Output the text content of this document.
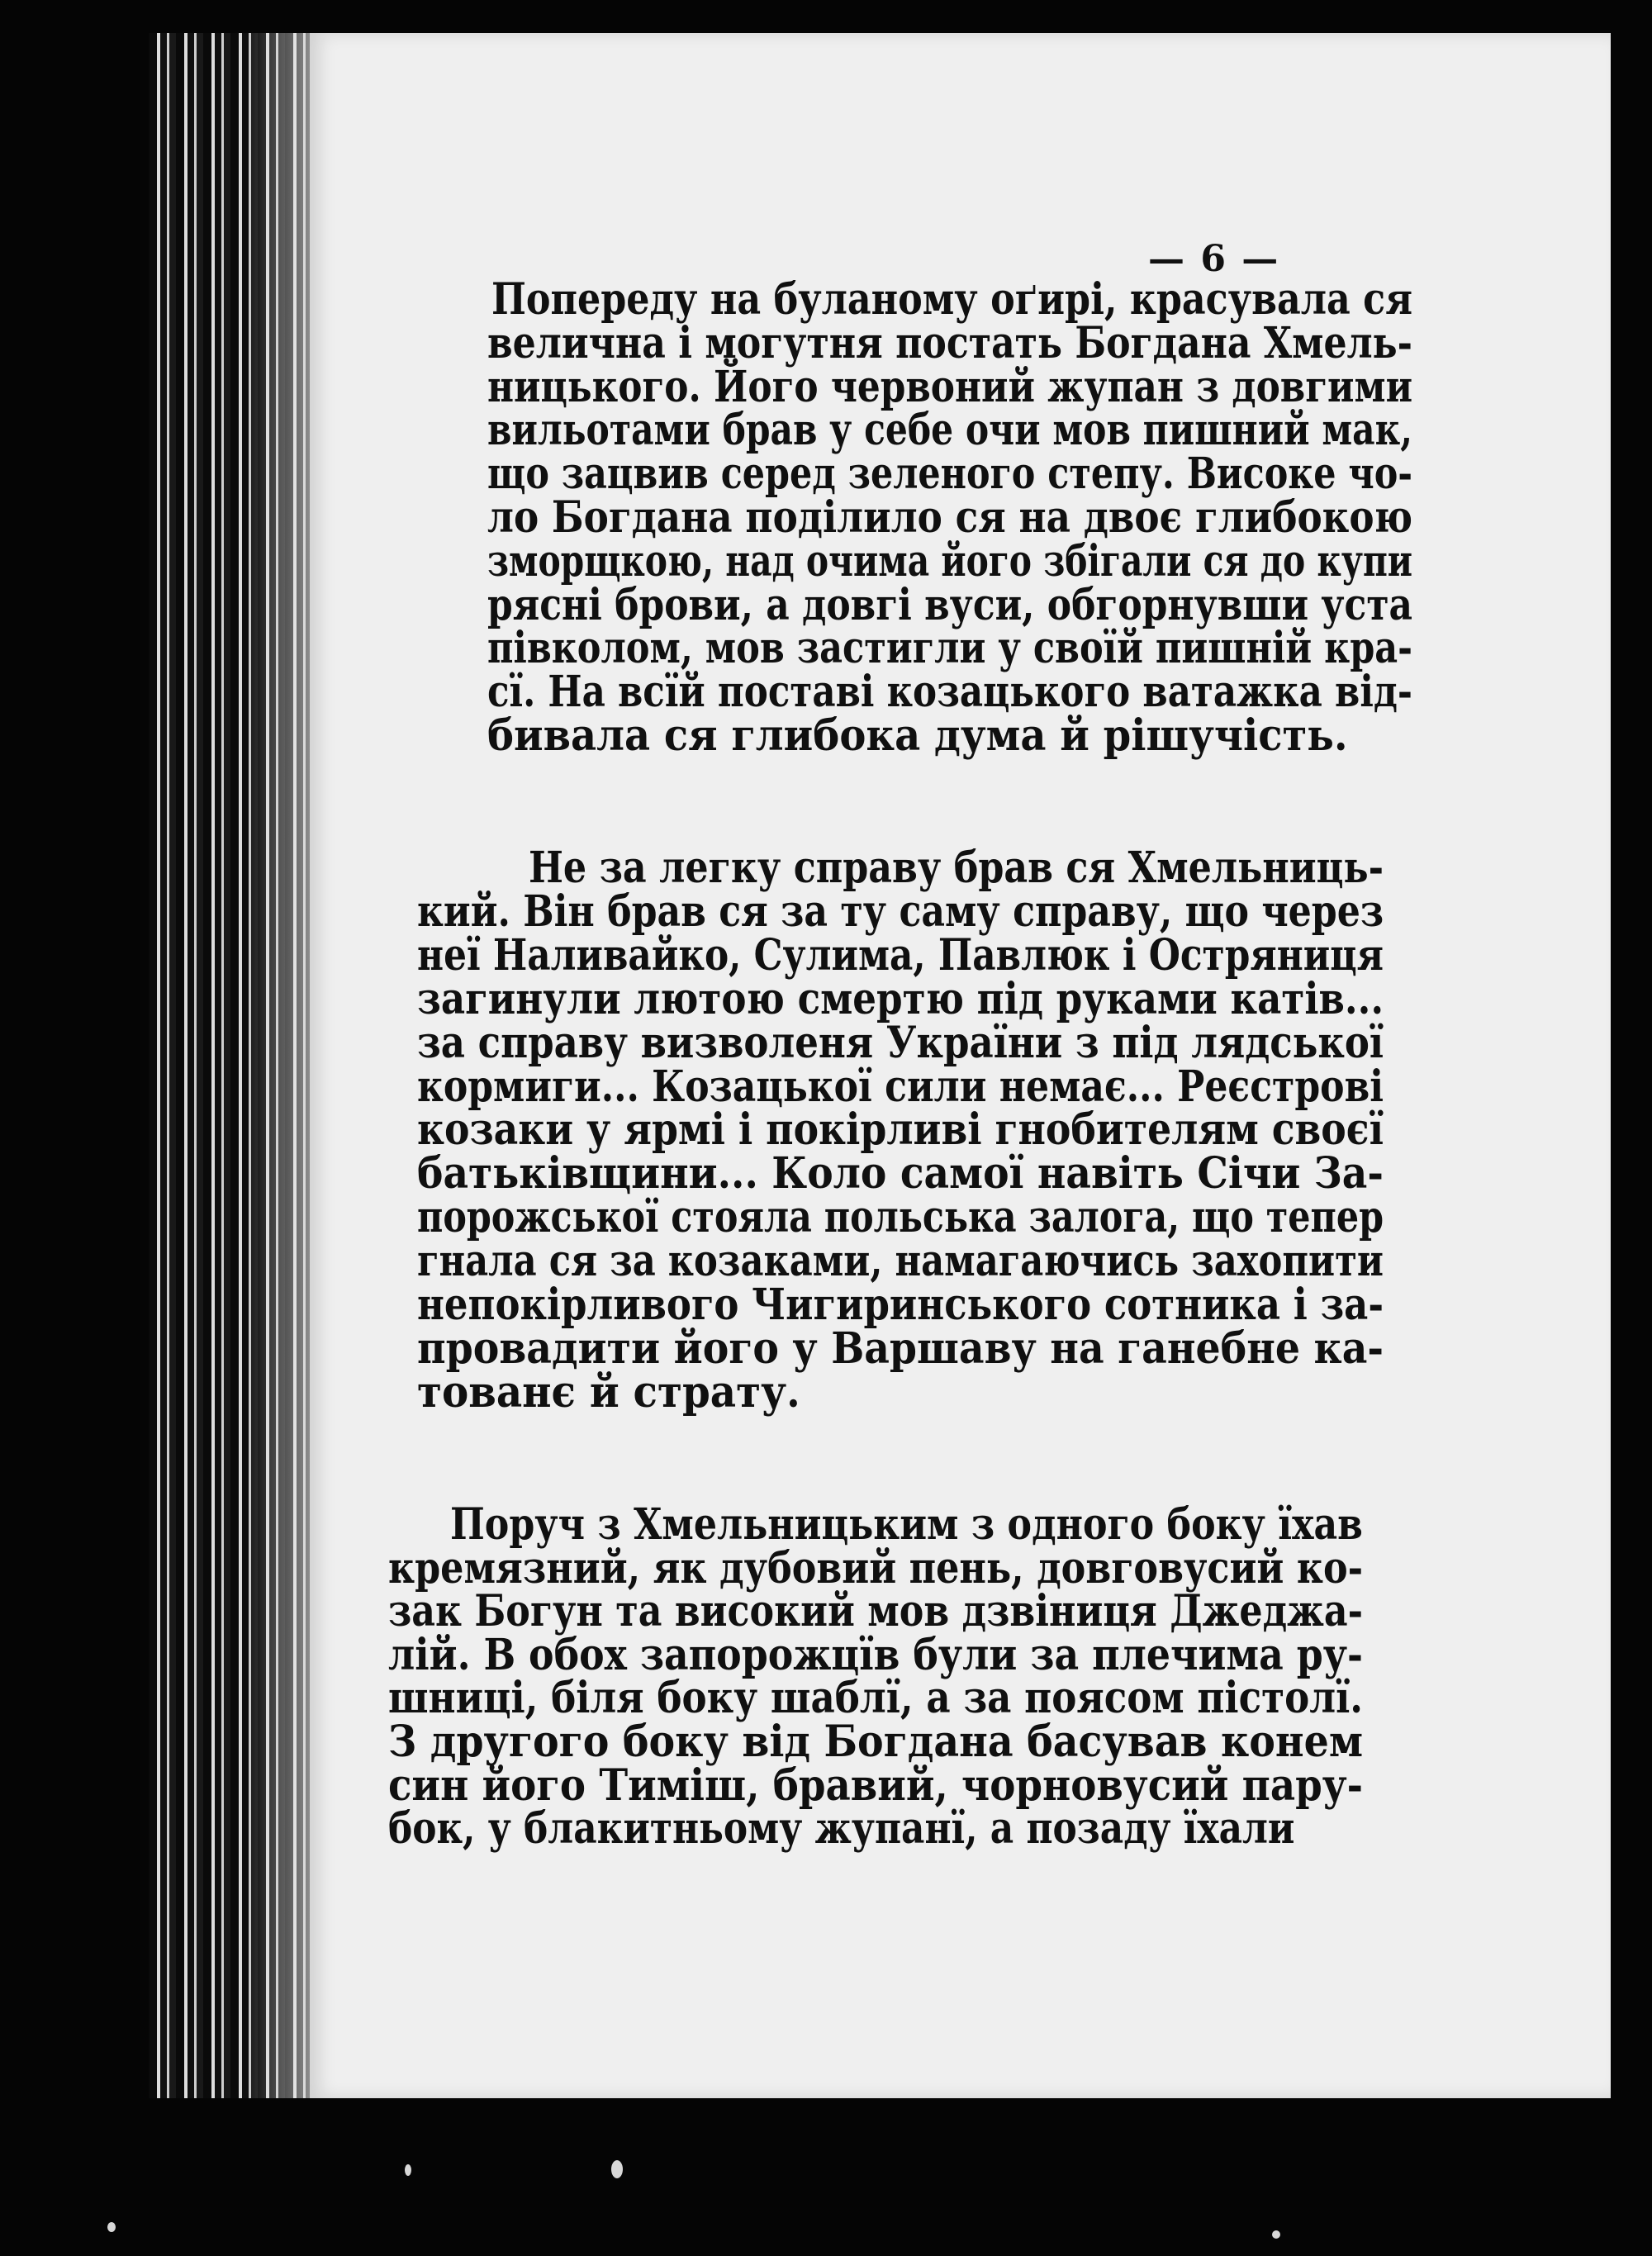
— 6 —
Попереду на буланому оґирі, красувала ся
велична і могутня постать Богдана Хмель-
ницького. Його червоний жупан з довгими
вильотами брав у себе очи мов пишний мак,
що зацвив серед зеленого степу. Високе чо-
ло Богдана поділило ся на двоє глибокою
зморщкою, над очима його збігали ся до купи
рясні брови, а довгі вуси, обгорнувши уста
півколом, мов застигли у своїй пишній кра-
сї. На всїй поставі козацького ватажка від-
бивала ся глибока дума й рішучість.
Не за легку справу брав ся Хмельниць-
кий. Він брав ся за ту саму справу, що через
неї Наливайко, Сулима, Павлюк і Остряниця
загинули лютою смертю під руками катів...
за справу визволеня України з під лядської
кормиги... Козацької сили немає... Реєстрові
козаки у ярмі і покірливі гнобителям своєї
батьківщини... Коло самої навіть Січи За-
порожської стояла польська залога, що тепер
гнала ся за козаками, намагаючись захопити
непокірливого Чигиринського сотника і за-
провадити його у Варшаву на ганебне ка-
тованє й страту.
Поруч з Хмельницьким з одного боку їхав
кремязний, як дубовий пень, довговусий ко-
зак Богун та високий мов дзвіниця Джеджа-
лій. В обох запорожцїв були за плечима ру-
шниці, біля боку шаблї, а за поясом пістолї.
З другого боку від Богдана басував конем
син його Тиміш, бравий, чорновусий пару-
бок, у блакитньому жупанї, а позаду їхали
